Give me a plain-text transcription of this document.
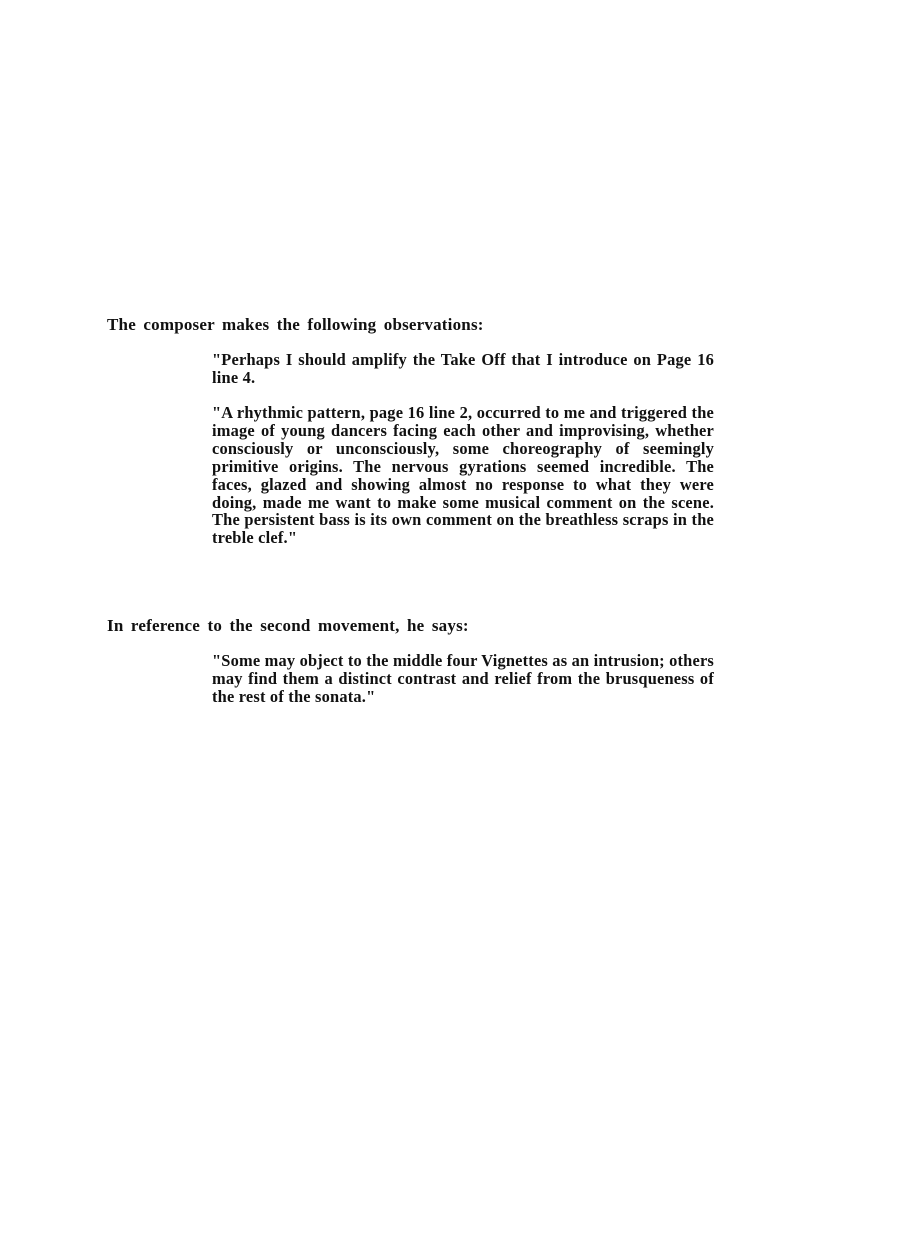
The composer makes the following observations:

"Perhaps I should amplify the Take Off that I introduce on Page 16 line 4.

"A rhythmic pattern, page 16 line 2, occurred to me and triggered the image of young dancers facing each other and improvising, whether consciously or unconsciously, some choreography of seemingly primitive origins. The nervous gyrations seemed incredible. The faces, glazed and showing almost no response to what they were doing, made me want to make some musical comment on the scene. The persistent bass is its own comment on the breathless scraps in the treble clef."

In reference to the second movement, he says:

"Some may object to the middle four Vignettes as an intrusion; others may find them a distinct contrast and relief from the brusqueness of the rest of the sonata."
